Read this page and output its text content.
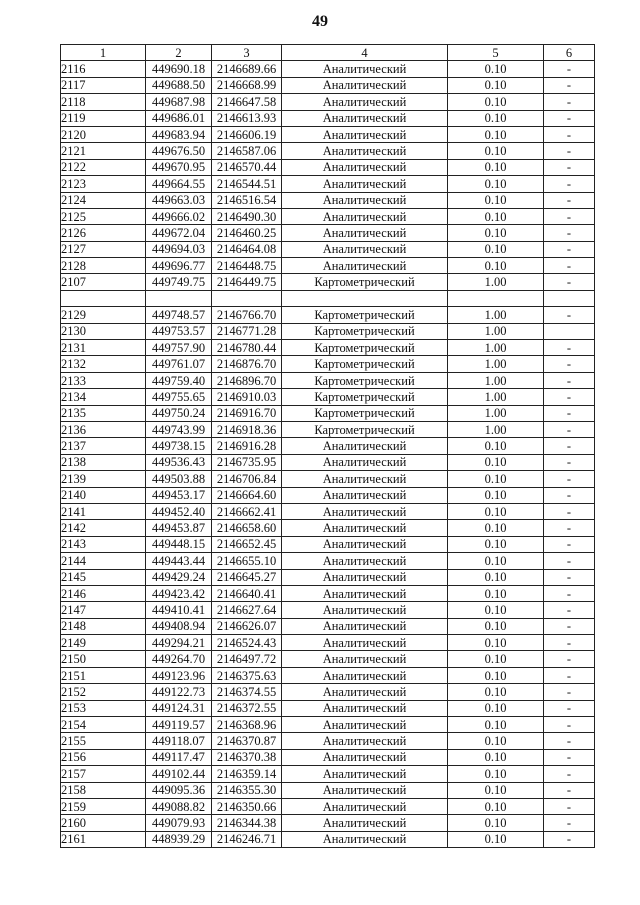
49
1	2	3	4	5	6
2116	449690.18	2146689.66	Аналитический	0.10	-
2117	449688.50	2146668.99	Аналитический	0.10	-
2118	449687.98	2146647.58	Аналитический	0.10	-
2119	449686.01	2146613.93	Аналитический	0.10	-
2120	449683.94	2146606.19	Аналитический	0.10	-
2121	449676.50	2146587.06	Аналитический	0.10	-
2122	449670.95	2146570.44	Аналитический	0.10	-
2123	449664.55	2146544.51	Аналитический	0.10	-
2124	449663.03	2146516.54	Аналитический	0.10	-
2125	449666.02	2146490.30	Аналитический	0.10	-
2126	449672.04	2146460.25	Аналитический	0.10	-
2127	449694.03	2146464.08	Аналитический	0.10	-
2128	449696.77	2146448.75	Аналитический	0.10	-
2107	449749.75	2146449.75	Картометрический	1.00	-

2129	449748.57	2146766.70	Картометрический	1.00	-
2130	449753.57	2146771.28	Картометрический	1.00	
2131	449757.90	2146780.44	Картометрический	1.00	-
2132	449761.07	2146876.70	Картометрический	1.00	-
2133	449759.40	2146896.70	Картометрический	1.00	-
2134	449755.65	2146910.03	Картометрический	1.00	-
2135	449750.24	2146916.70	Картометрический	1.00	-
2136	449743.99	2146918.36	Картометрический	1.00	-
2137	449738.15	2146916.28	Аналитический	0.10	-
2138	449536.43	2146735.95	Аналитический	0.10	-
2139	449503.88	2146706.84	Аналитический	0.10	-
2140	449453.17	2146664.60	Аналитический	0.10	-
2141	449452.40	2146662.41	Аналитический	0.10	-
2142	449453.87	2146658.60	Аналитический	0.10	-
2143	449448.15	2146652.45	Аналитический	0.10	-
2144	449443.44	2146655.10	Аналитический	0.10	-
2145	449429.24	2146645.27	Аналитический	0.10	-
2146	449423.42	2146640.41	Аналитический	0.10	-
2147	449410.41	2146627.64	Аналитический	0.10	-
2148	449408.94	2146626.07	Аналитический	0.10	-
2149	449294.21	2146524.43	Аналитический	0.10	-
2150	449264.70	2146497.72	Аналитический	0.10	-
2151	449123.96	2146375.63	Аналитический	0.10	-
2152	449122.73	2146374.55	Аналитический	0.10	-
2153	449124.31	2146372.55	Аналитический	0.10	-
2154	449119.57	2146368.96	Аналитический	0.10	-
2155	449118.07	2146370.87	Аналитический	0.10	-
2156	449117.47	2146370.38	Аналитический	0.10	-
2157	449102.44	2146359.14	Аналитический	0.10	-
2158	449095.36	2146355.30	Аналитический	0.10	-
2159	449088.82	2146350.66	Аналитический	0.10	-
2160	449079.93	2146344.38	Аналитический	0.10	-
2161	448939.29	2146246.71	Аналитический	0.10	-
